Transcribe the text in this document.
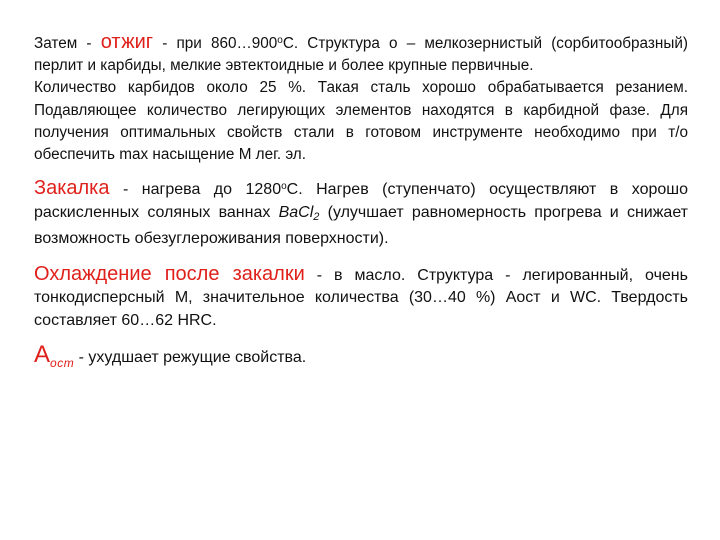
Затем - отжиг - при $860\dots 900^оС$. Структура о – мелкозернистый (сорбитообразный) перлит и карбиды, мелкие эвтектоидные и более крупные первичные.
Количество карбидов около 25 %. Такая сталь хорошо обрабатывается резанием. Подавляющее количество легирующих элементов находятся в карбидной фазе. Для получения оптимальных свойств стали в готовом инструменте необходимо при т/о обеспечить max насыщение М лег. эл.

Закалка - нагрева до $1280^оС$. Нагрев (ступенчато) осуществляют в хорошо раскисленных соляных ваннах BaCl2 (улучшает равномерность прогрева и снижает возможность обезуглероживания поверхности).

Охлаждение после закалки - в масло. Структура - легированный, очень тонкодисперсный М, значительное количества (30…40 %) Аост и WC. Твердость составляет 60…62 HRC.

$А_{ост}$ - ухудшает режущие свойства.
